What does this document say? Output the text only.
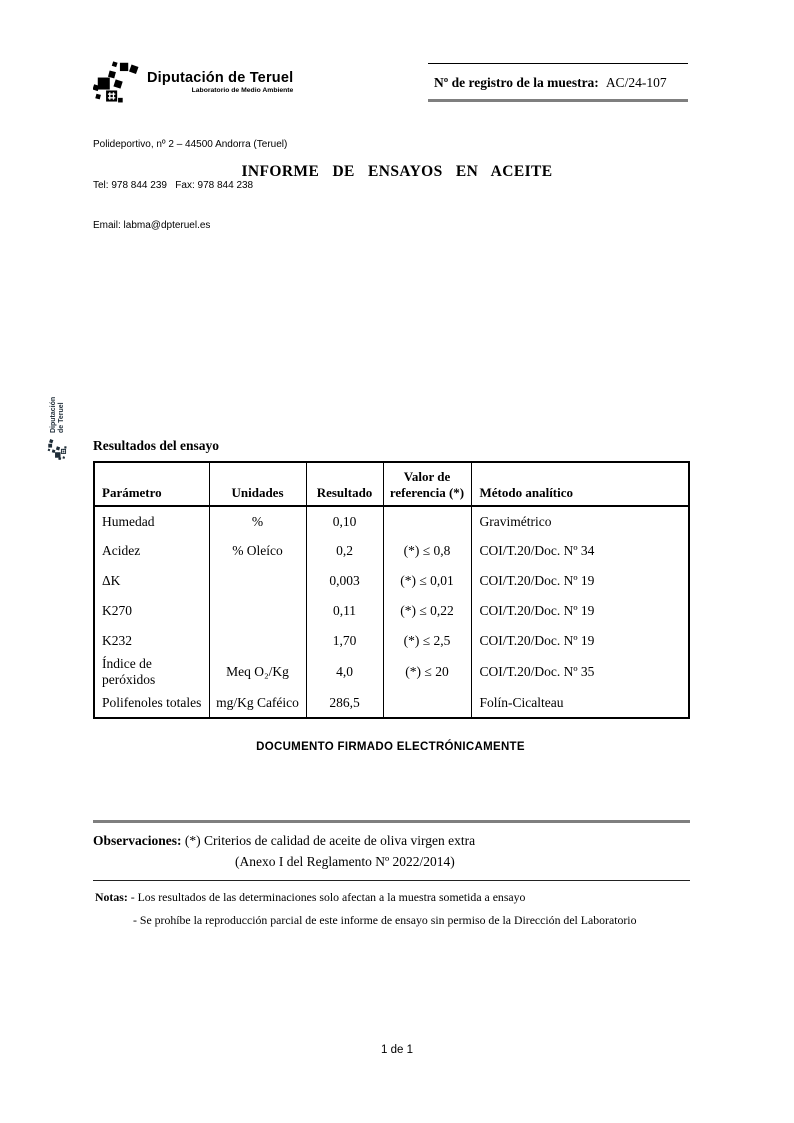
Diputación de Teruel
Laboratorio de Medio Ambiente

Polideportivo, nº 2 – 44500 Andorra (Teruel)

Tel: 978 844 239   Fax: 978 844 238

Email: labma@dpteruel.es

Nº de registro de la muestra: AC/24-107
INFORME DE ENSAYOS EN ACEITE
Diputación de Teruel
Resultados del ensayo
Parámetro	Unidades	Resultado	Valor de referencia (*)	Método analítico
Humedad	%	0,10		Gravimétrico
Acidez	% Oleíco	0,2	(*) ≤ 0,8	COI/T.20/Doc. Nº 34
ΔK		0,003	(*) ≤ 0,01	COI/T.20/Doc. Nº 19
K270		0,11	(*) ≤ 0,22	COI/T.20/Doc. Nº 19
K232		1,70	(*) ≤ 2,5	COI/T.20/Doc. Nº 19
Índice de peróxidos	Meq O₂/Kg	4,0	(*) ≤ 20	COI/T.20/Doc. Nº 35
Polifenoles totales	mg/Kg Caféico	286,5		Folín-Cicalteau
DOCUMENTO FIRMADO ELECTRÓNICAMENTE
Observaciones: (*) Criterios de calidad de aceite de oliva virgen extra
(Anexo I del Reglamento Nº 2022/2014)
Notas: - Los resultados de las determinaciones solo afectan a la muestra sometida a ensayo
- Se prohíbe la reproducción parcial de este informe de ensayo sin permiso de la Dirección del Laboratorio
1 de 1
